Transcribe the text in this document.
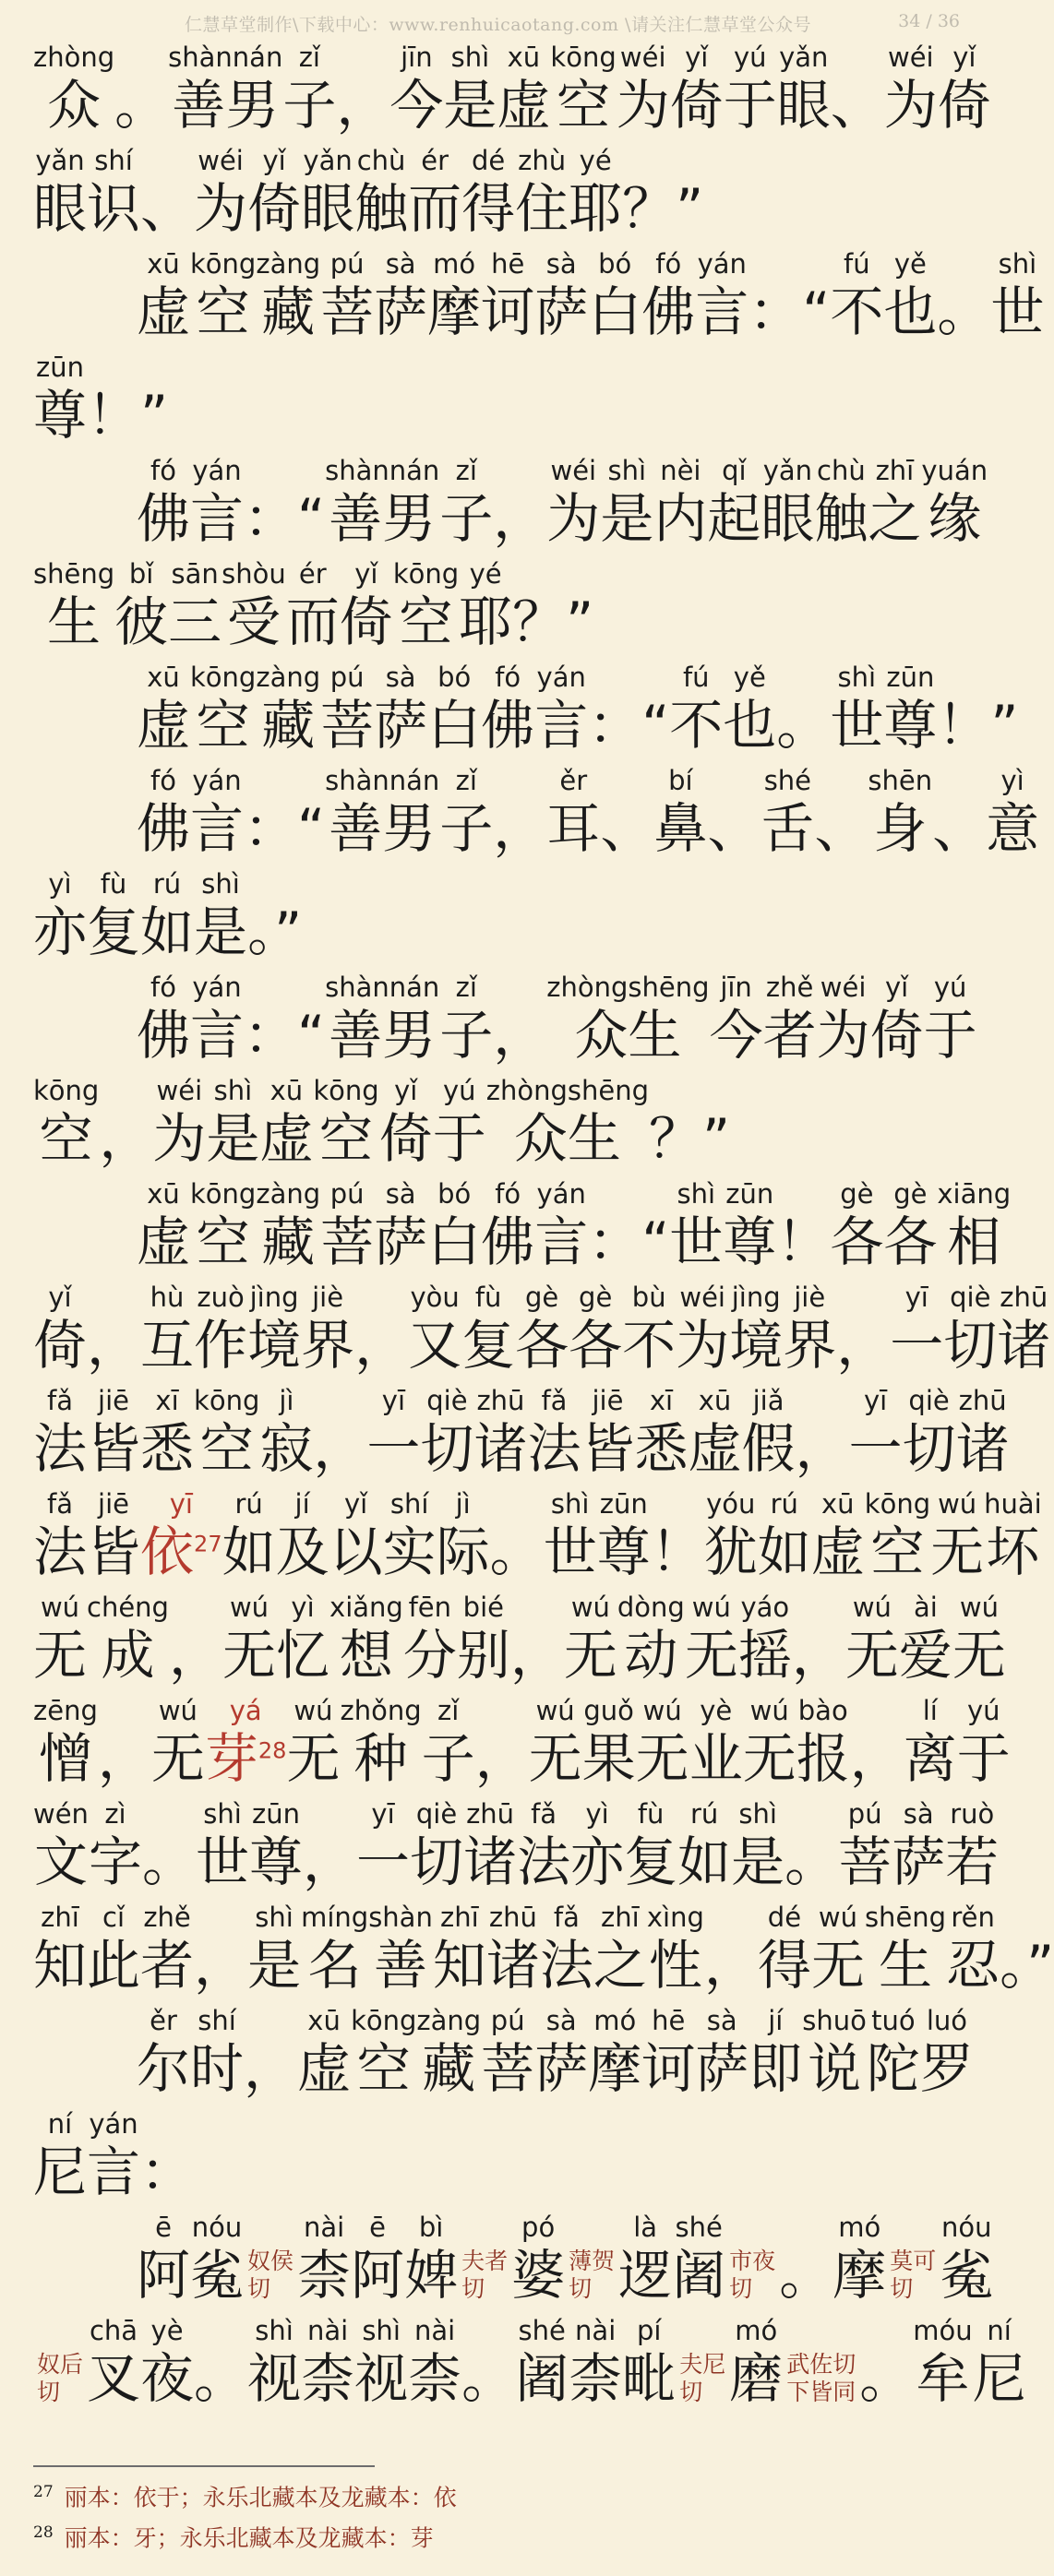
仁慧草堂制作\下载中心：www.renhuicaotang.com \请关注仁慧草堂公众号	34 / 36
zhòng
众 。
shànnán
善男
zǐ
子 ，
jīn
今
shì
是
xū
虚
kōng
空
wéi
为
yǐ
倚
yú
于
yǎn
眼 、
wéi
为
yǐ
倚
yǎn
眼
shí
识 、
wéi
为
yǐ
倚
yǎn
眼
chù
触
ér
而
dé
得
zhù
住
yé
耶 ？”
xū
虚
kōng
空
zàng
藏
pú
菩
sà
萨
mó
摩
hē
诃
sà
萨
bó
白
fó
佛
yán
言 ：“
fú
不
yě
也 。
shì
世
zūn
尊 ！”
fó
佛
yán
言 ：“
shànnán
善男
zǐ
子 ，
wéi
为
shì
是
nèi
内
qǐ
起
yǎn
眼
chù
触
zhī
之
yuán
缘
shēng
生
bǐ
彼
sān
三
shòu
受
ér
而
yǐ
倚
kōng
空
yé
耶 ？”
xū
虚
kōng
空
zàng
藏
pú
菩
sà
萨
bó
白
fó
佛
yán
言 ：“
fú
不
yě
也 。
shì
世
zūn
尊 ！”
fó
佛
yán
言 ：“
shànnán
善男
zǐ
子 ，
ěr
耳 、
bí
鼻 、
shé
舌 、
shēn
身 、
yì
意
yì
亦
fù
复
rú
如
shì
是 。”
fó
佛
yán
言 ：“
shànnán
善男
zǐ
子 ，
zhòngshēng
众生
jīn
今
zhě
者
wéi
为
yǐ
倚
yú
于
kōng
空 ，
wéi
为
shì
是
xū
虚
kōng
空
yǐ
倚
yú
于
zhòngshēng
众生 ？”
xū
虚
kōng
空
zàng
藏
pú
菩
sà
萨
bó
白
fó
佛
yán
言 ：“
shì
世
zūn
尊 ！
gè
各
gè
各
xiāng
相
yǐ
倚 ，
hù
互
zuò
作
jìng
境
jiè
界 ，
yòu
又
fù
复
gè
各
gè
各
bù
不
wéi
为
jìng
境
jiè
界 ，
yī
一
qiè
切
zhū
诸
fǎ
法
jiē
皆
xī
悉
kōng
空
jì
寂 ，
yī
一
qiè
切
zhū
诸
fǎ
法
jiē
皆
xī
悉
xū
虚
jiǎ
假 ，
yī
一
qiè
切
zhū
诸
fǎ
法
jiē
皆
yī
依$^{27}$
rú
如
jí
及
yǐ
以
shí
实
jì
际 。
shì
世
zūn
尊 ！
yóu
犹
rú
如
xū
虚
kōng
空
wú
无
huài
坏
wú
无
chéng
成 ，
wú
无
yì
忆
xiǎng
想
fēn
分
bié
别 ，
wú
无
dòng
动
wú
无
yáo
摇 ，
wú
无
ài
爱
wú
无
zēng
憎 ，
wú
无
yá
芽$^{28}$
wú
无
zhǒng
种
zǐ
子 ，
wú
无
guǒ
果
wú
无
yè
业
wú
无
bào
报 ，
lí
离
yú
于
wén
文
zì
字 。
shì
世
zūn
尊 ，
yī
一
qiè
切
zhū
诸
fǎ
法
yì
亦
fù
复
rú
如
shì
是 。
pú
菩
sà
萨
ruò
若
zhī
知
cǐ
此
zhě
者 ，
shì
是
míng
名
shàn
善
zhī
知
zhū
诸
fǎ
法
zhī
之
xìng
性 ，
dé
得
wú
无
shēng
生
rěn
忍 。”
ěr
尔
shí
时 ，
xū
虚
kōng
空
zàng
藏
pú
菩
sà
萨
mó
摩
hē
诃
sà
萨
jí
即
shuō
说
tuó
陀
luó
罗
ní
尼
yán
言 ：
ē
阿
nóu
㝹 奴侯
切
nài
柰
ē
阿
bì
婢 夫者
切
pó
婆 薄贺
切
là
逻
shé
阇 市夜
切 。
mó
摩 莫可
切
nóu
㝹
奴后
切
chā
叉
yè
夜 。
shì
视
nài
柰
shì
视
nài
柰 。
shé
阇
nài
柰
pí
毗 夫尼
切
mó
磨 武佐切
下皆同 。
móu
牟
ní
尼
$^{27}$ 丽本：依于；永乐北藏本及龙藏本：依
$^{28}$ 丽本：牙；永乐北藏本及龙藏本：芽
